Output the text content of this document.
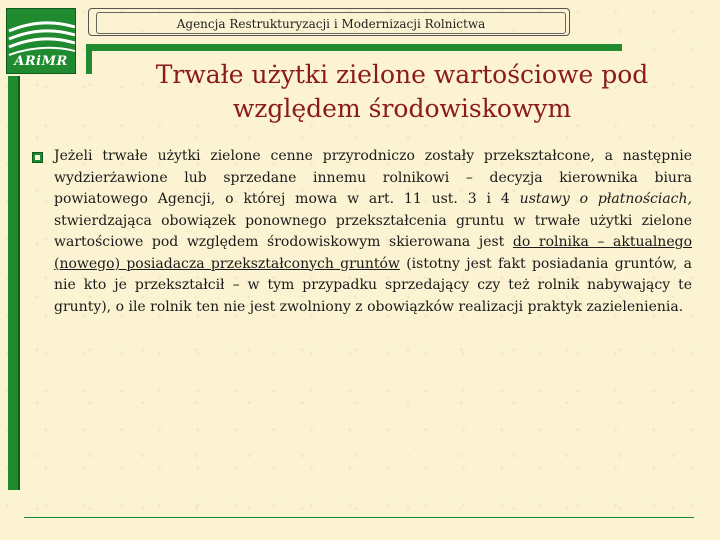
ARiMR
Agencja Restrukturyzacji i Modernizacji Rolnictwa
Trwałe użytki zielone wartościowe pod względem środowiskowym

Jeżeli trwałe użytki zielone cenne przyrodniczo zostały przekształcone, a następnie wydzierżawione lub sprzedane innemu rolnikowi – decyzja kierownika biura powiatowego Agencji, o której mowa w art. 11 ust. 3 i 4 ustawy o płatnościach, stwierdzająca obowiązek ponownego przekształcenia gruntu w trwałe użytki zielone wartościowe pod względem środowiskowym skierowana jest do rolnika – aktualnego (nowego) posiadacza przekształconych gruntów (istotny jest fakt posiadania gruntów, a nie kto je przekształcił – w tym przypadku sprzedający czy też rolnik nabywający te grunty), o ile rolnik ten nie jest zwolniony z obowiązków realizacji praktyk zazielenienia.
